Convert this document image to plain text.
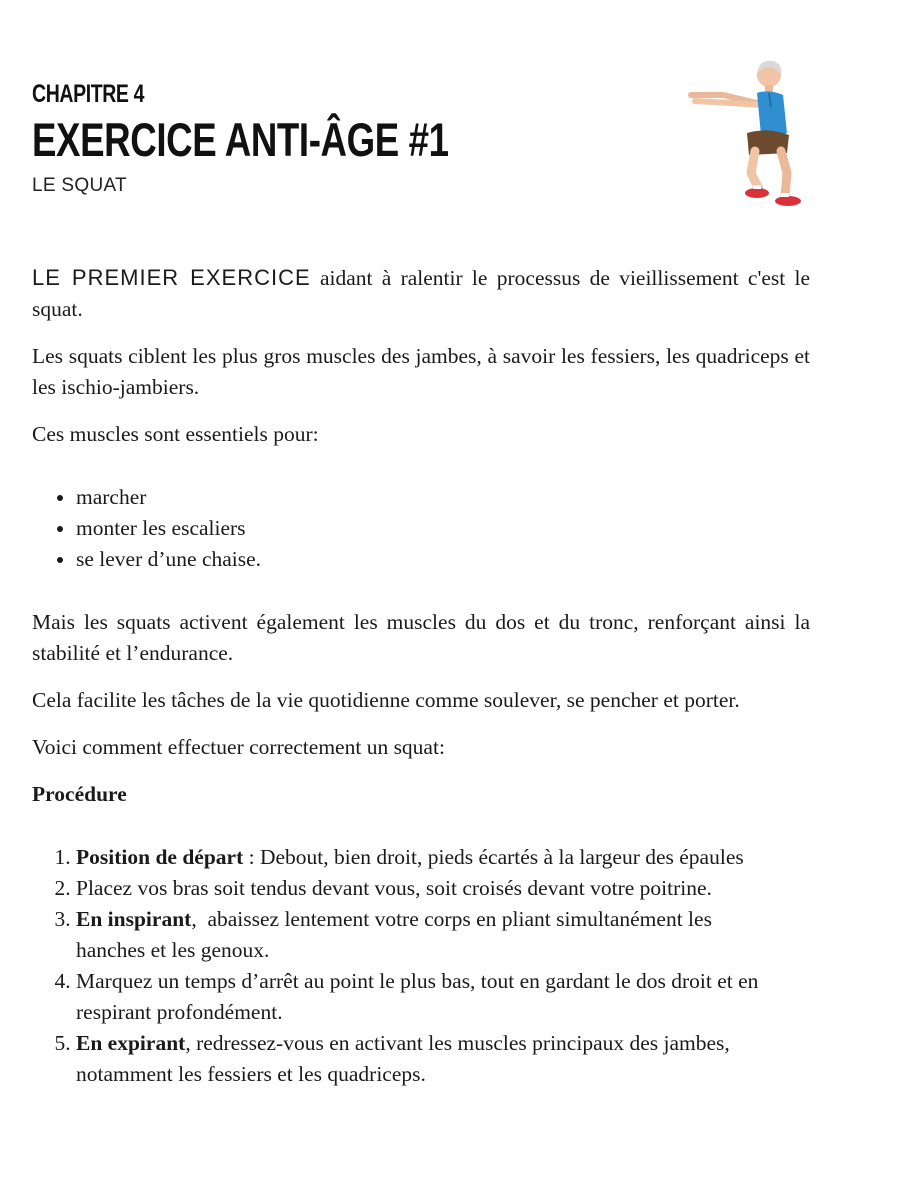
CHAPITRE 4
EXERCICE ANTI-ÂGE #1
LE SQUAT

LE PREMIER EXERCICE aidant à ralentir le processus de vieillissement c'est le squat.

Les squats ciblent les plus gros muscles des jambes, à savoir les fessiers, les quadriceps et les ischio-jambiers.

Ces muscles sont essentiels pour:

• marcher
• monter les escaliers
• se lever d’une chaise.

Mais les squats activent également les muscles du dos et du tronc, renforçant ainsi la stabilité et l’endurance.

Cela facilite les tâches de la vie quotidienne comme soulever, se pencher et porter.

Voici comment effectuer correctement un squat:

Procédure

1. Position de départ : Debout, bien droit, pieds écartés à la largeur des épaules
2. Placez vos bras soit tendus devant vous, soit croisés devant votre poitrine.
3. En inspirant,  abaissez lentement votre corps en pliant simultanément les hanches et les genoux.
4. Marquez un temps d’arrêt au point le plus bas, tout en gardant le dos droit et en respirant profondément.
5. En expirant, redressez-vous en activant les muscles principaux des jambes, notamment les fessiers et les quadriceps.
